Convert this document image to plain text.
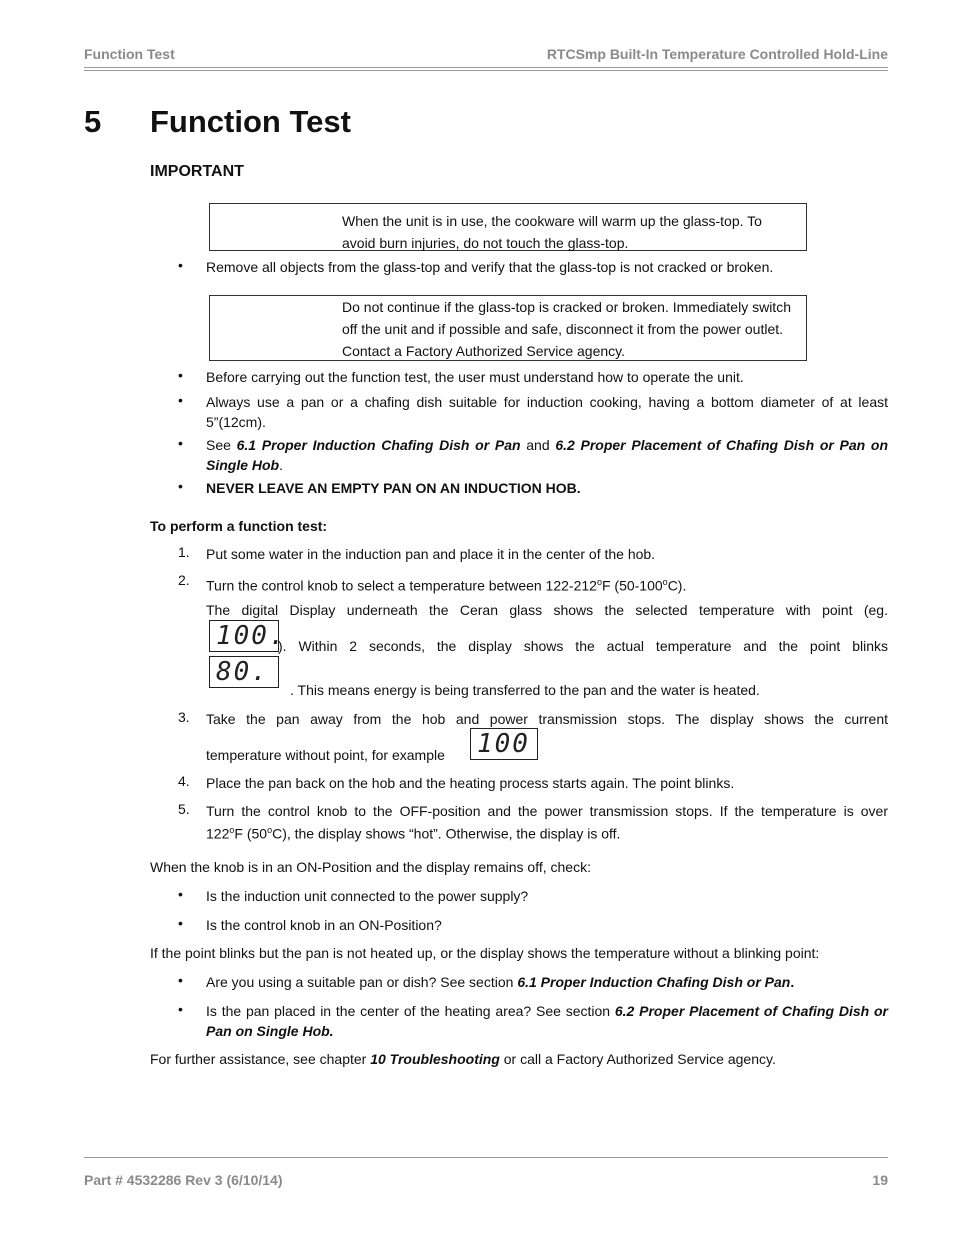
Function Test	RTCSmp Built-In Temperature Controlled Hold-Line
5 Function Test
IMPORTANT
When the unit is in use, the cookware will warm up the glass-top. To avoid burn injuries, do not touch the glass-top.
• Remove all objects from the glass-top and verify that the glass-top is not cracked or broken.
Do not continue if the glass-top is cracked or broken. Immediately switch off the unit and if possible and safe, disconnect it from the power outlet. Contact a Factory Authorized Service agency.
• Before carrying out the function test, the user must understand how to operate the unit.
• Always use a pan or a chafing dish suitable for induction cooking, having a bottom diameter of at least 5”(12cm).
• See 6.1 Proper Induction Chafing Dish or Pan and 6.2 Proper Placement of Chafing Dish or Pan on Single Hob.
• NEVER LEAVE AN EMPTY PAN ON AN INDUCTION HOB.
To perform a function test:
1. Put some water in the induction pan and place it in the center of the hob.
2. Turn the control knob to select a temperature between 122-212$^o$F (50-100$^o$C).
The digital Display underneath the Ceran glass shows the selected temperature with point (eg.
100.
). Within 2 seconds, the display shows the actual temperature and the point blinks
80.
. This means energy is being transferred to the pan and the water is heated.
3. Take the pan away from the hob and power transmission stops. The display shows the current
temperature without point, for example 100
4. Place the pan back on the hob and the heating process starts again. The point blinks.
5. Turn the control knob to the OFF-position and the power transmission stops. If the temperature is over
122$^o$F (50$^o$C), the display shows “hot”. Otherwise, the display is off.
When the knob is in an ON-Position and the display remains off, check:
• Is the induction unit connected to the power supply?
• Is the control knob in an ON-Position?
If the point blinks but the pan is not heated up, or the display shows the temperature without a blinking point:
• Are you using a suitable pan or dish? See section 6.1 Proper Induction Chafing Dish or Pan.
• Is the pan placed in the center of the heating area? See section 6.2 Proper Placement of Chafing Dish or Pan on Single Hob.
For further assistance, see chapter 10 Troubleshooting or call a Factory Authorized Service agency.
Part # 4532286 Rev 3 (6/10/14)	19
